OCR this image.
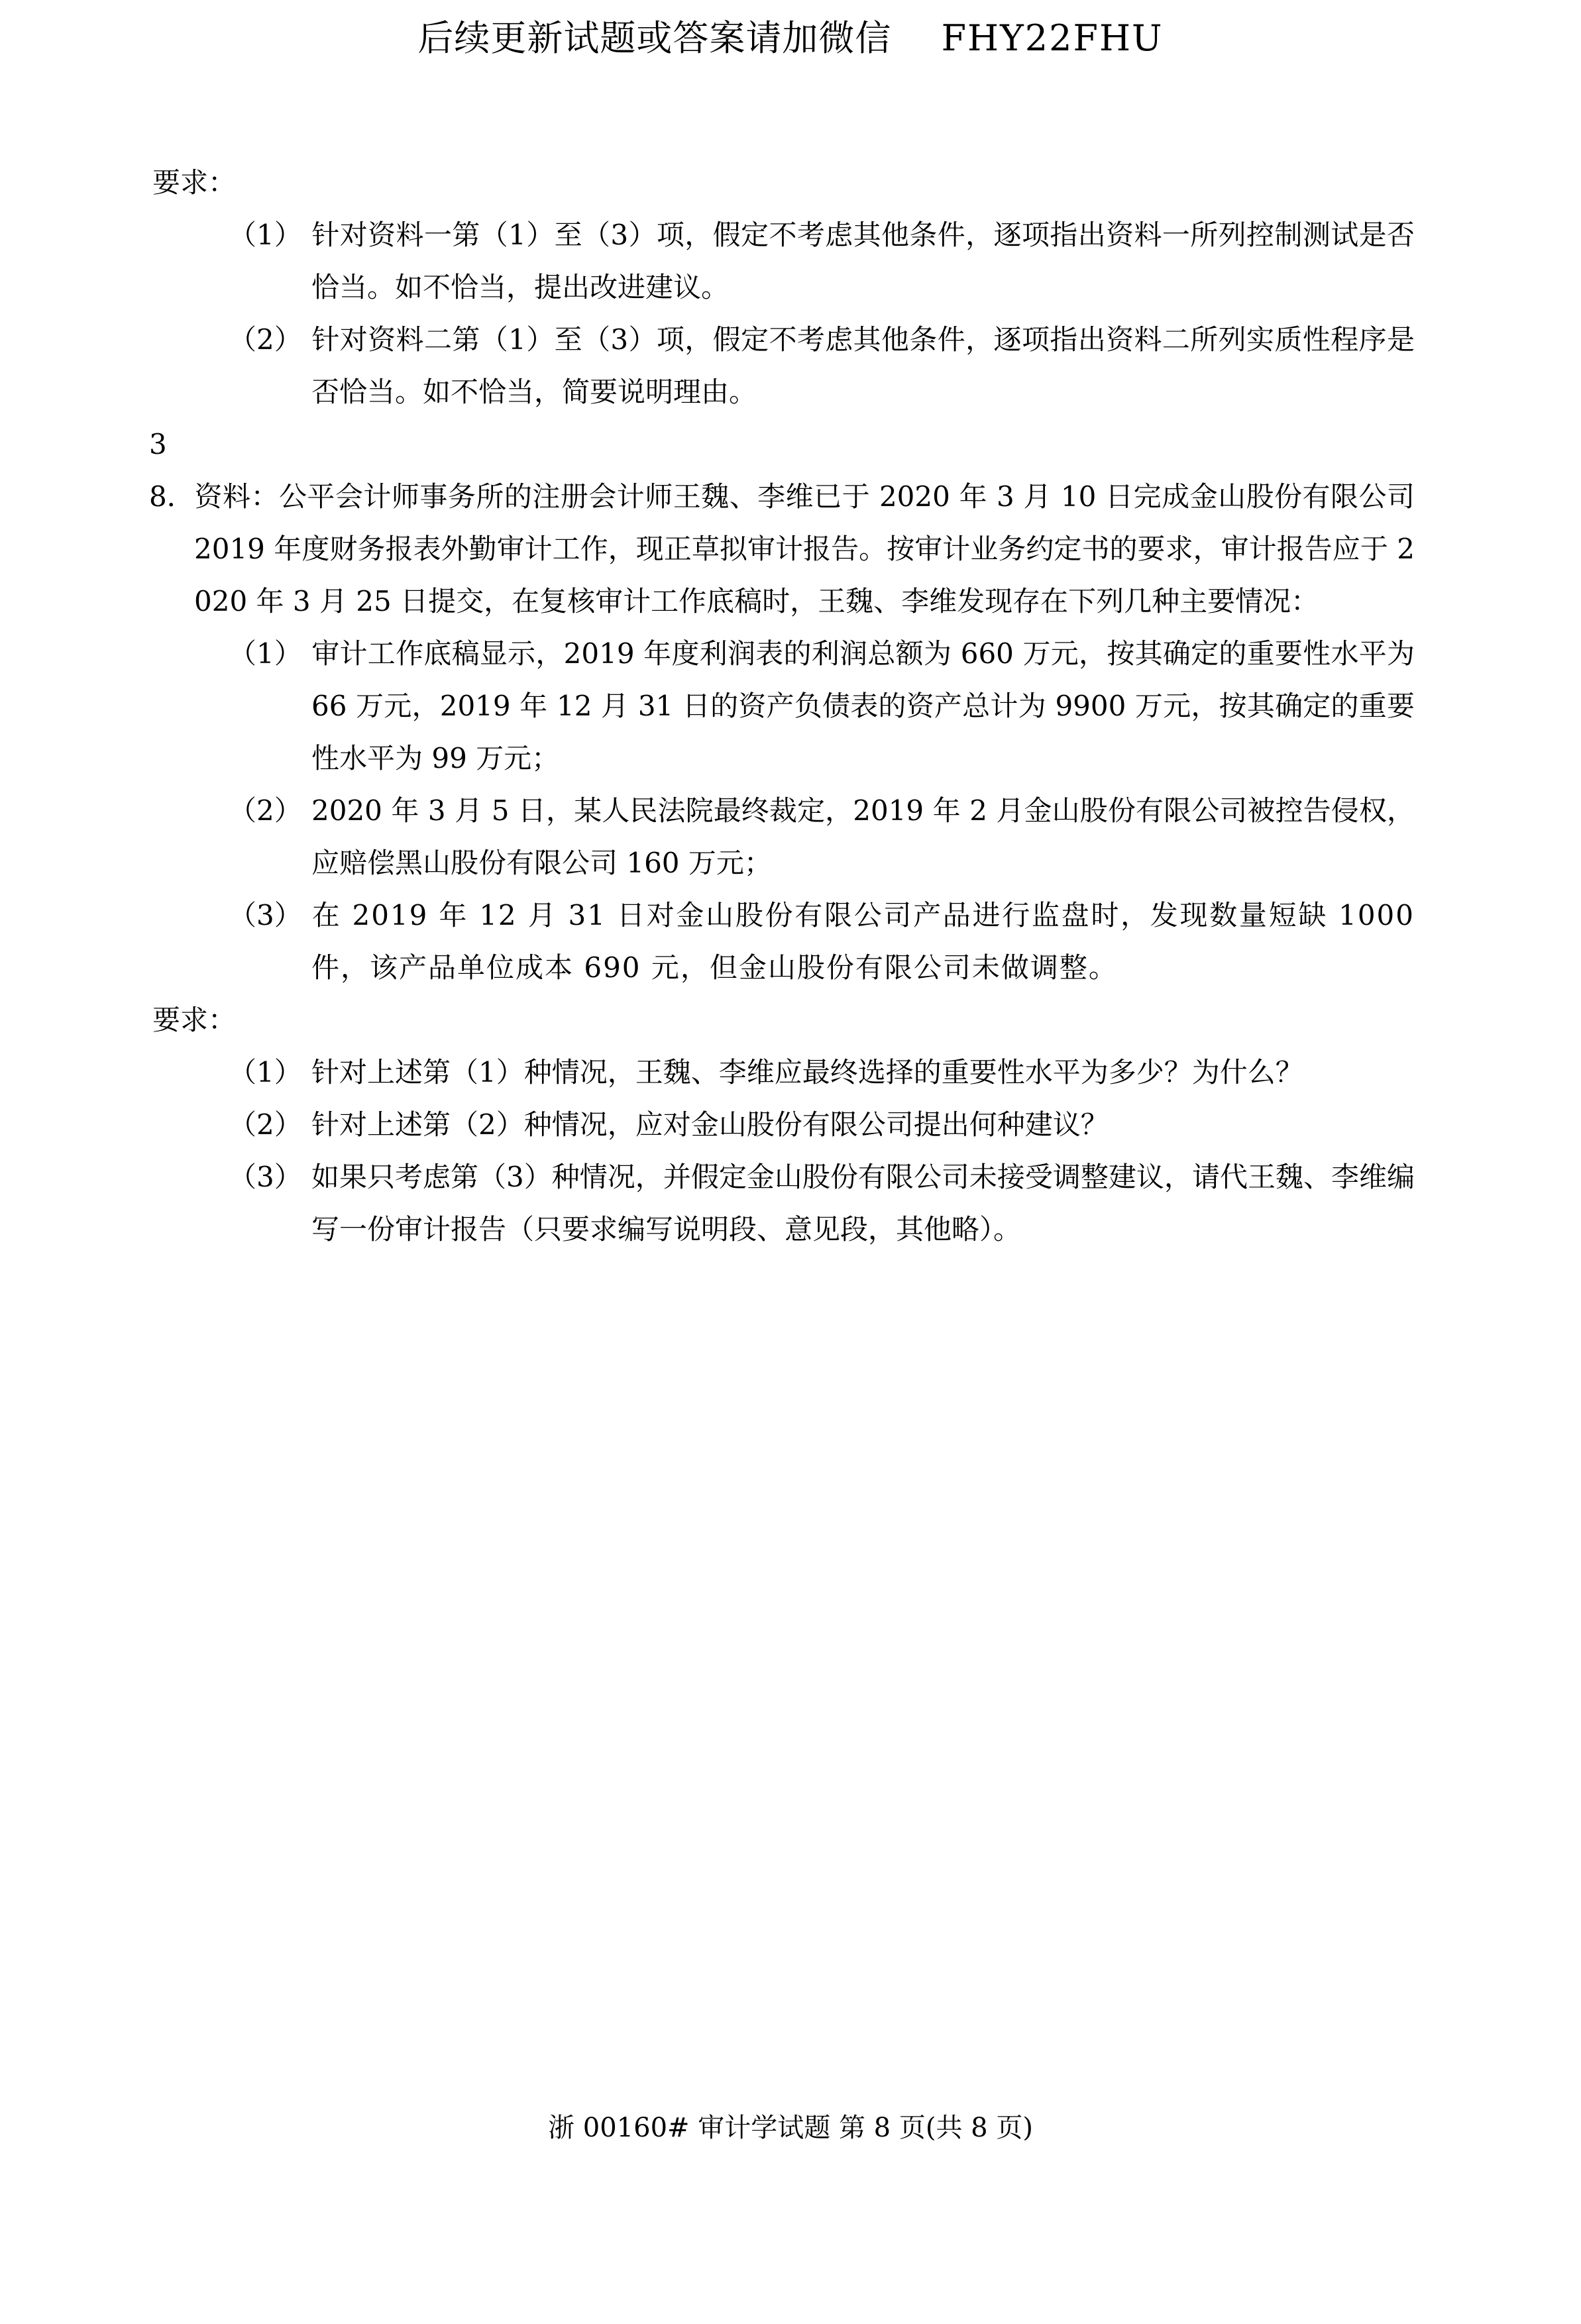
后续更新试题或答案请加微信　 FHY22FHU

要求：

（1） 针对资料一第（1）至（3）项，假定不考虑其他条件，逐项指出资料一所列控制测试是否恰当。如不恰当，提出改进建议。
（2） 针对资料二第（1）至（3）项，假定不考虑其他条件，逐项指出资料二所列实质性程序是否恰当。如不恰当，简要说明理由。

38．资料：公平会计师事务所的注册会计师王魏、李维已于 2020 年 3 月 10 日完成金山股份有限公司 2019 年度财务报表外勤审计工作，现正草拟审计报告。按审计业务约定书的要求，审计报告应于 2020 年 3 月 25 日提交，在复核审计工作底稿时，王魏、李维发现存在下列几种主要情况：

（1） 审计工作底稿显示，2019 年度利润表的利润总额为 660 万元，按其确定的重要性水平为 66 万元，2019 年 12 月 31 日的资产负债表的资产总计为 9900 万元，按其确定的重要性水平为 99 万元；
（2） 2020 年 3 月 5 日，某人民法院最终裁定，2019 年 2 月金山股份有限公司被控告侵权，应赔偿黑山股份有限公司 160 万元；
（3） 在 2019 年 12 月 31 日对金山股份有限公司产品进行监盘时，发现数量短缺 1000 件，该产品单位成本 690 元，但金山股份有限公司未做调整。

要求：

（1） 针对上述第（1）种情况，王魏、李维应最终选择的重要性水平为多少？为什么？
（2） 针对上述第（2）种情况，应对金山股份有限公司提出何种建议？
（3） 如果只考虑第（3）种情况，并假定金山股份有限公司未接受调整建议，请代王魏、李维编写一份审计报告（只要求编写说明段、意见段，其他略）。
浙 00160# 审计学试题 第 8 页(共 8 页)
